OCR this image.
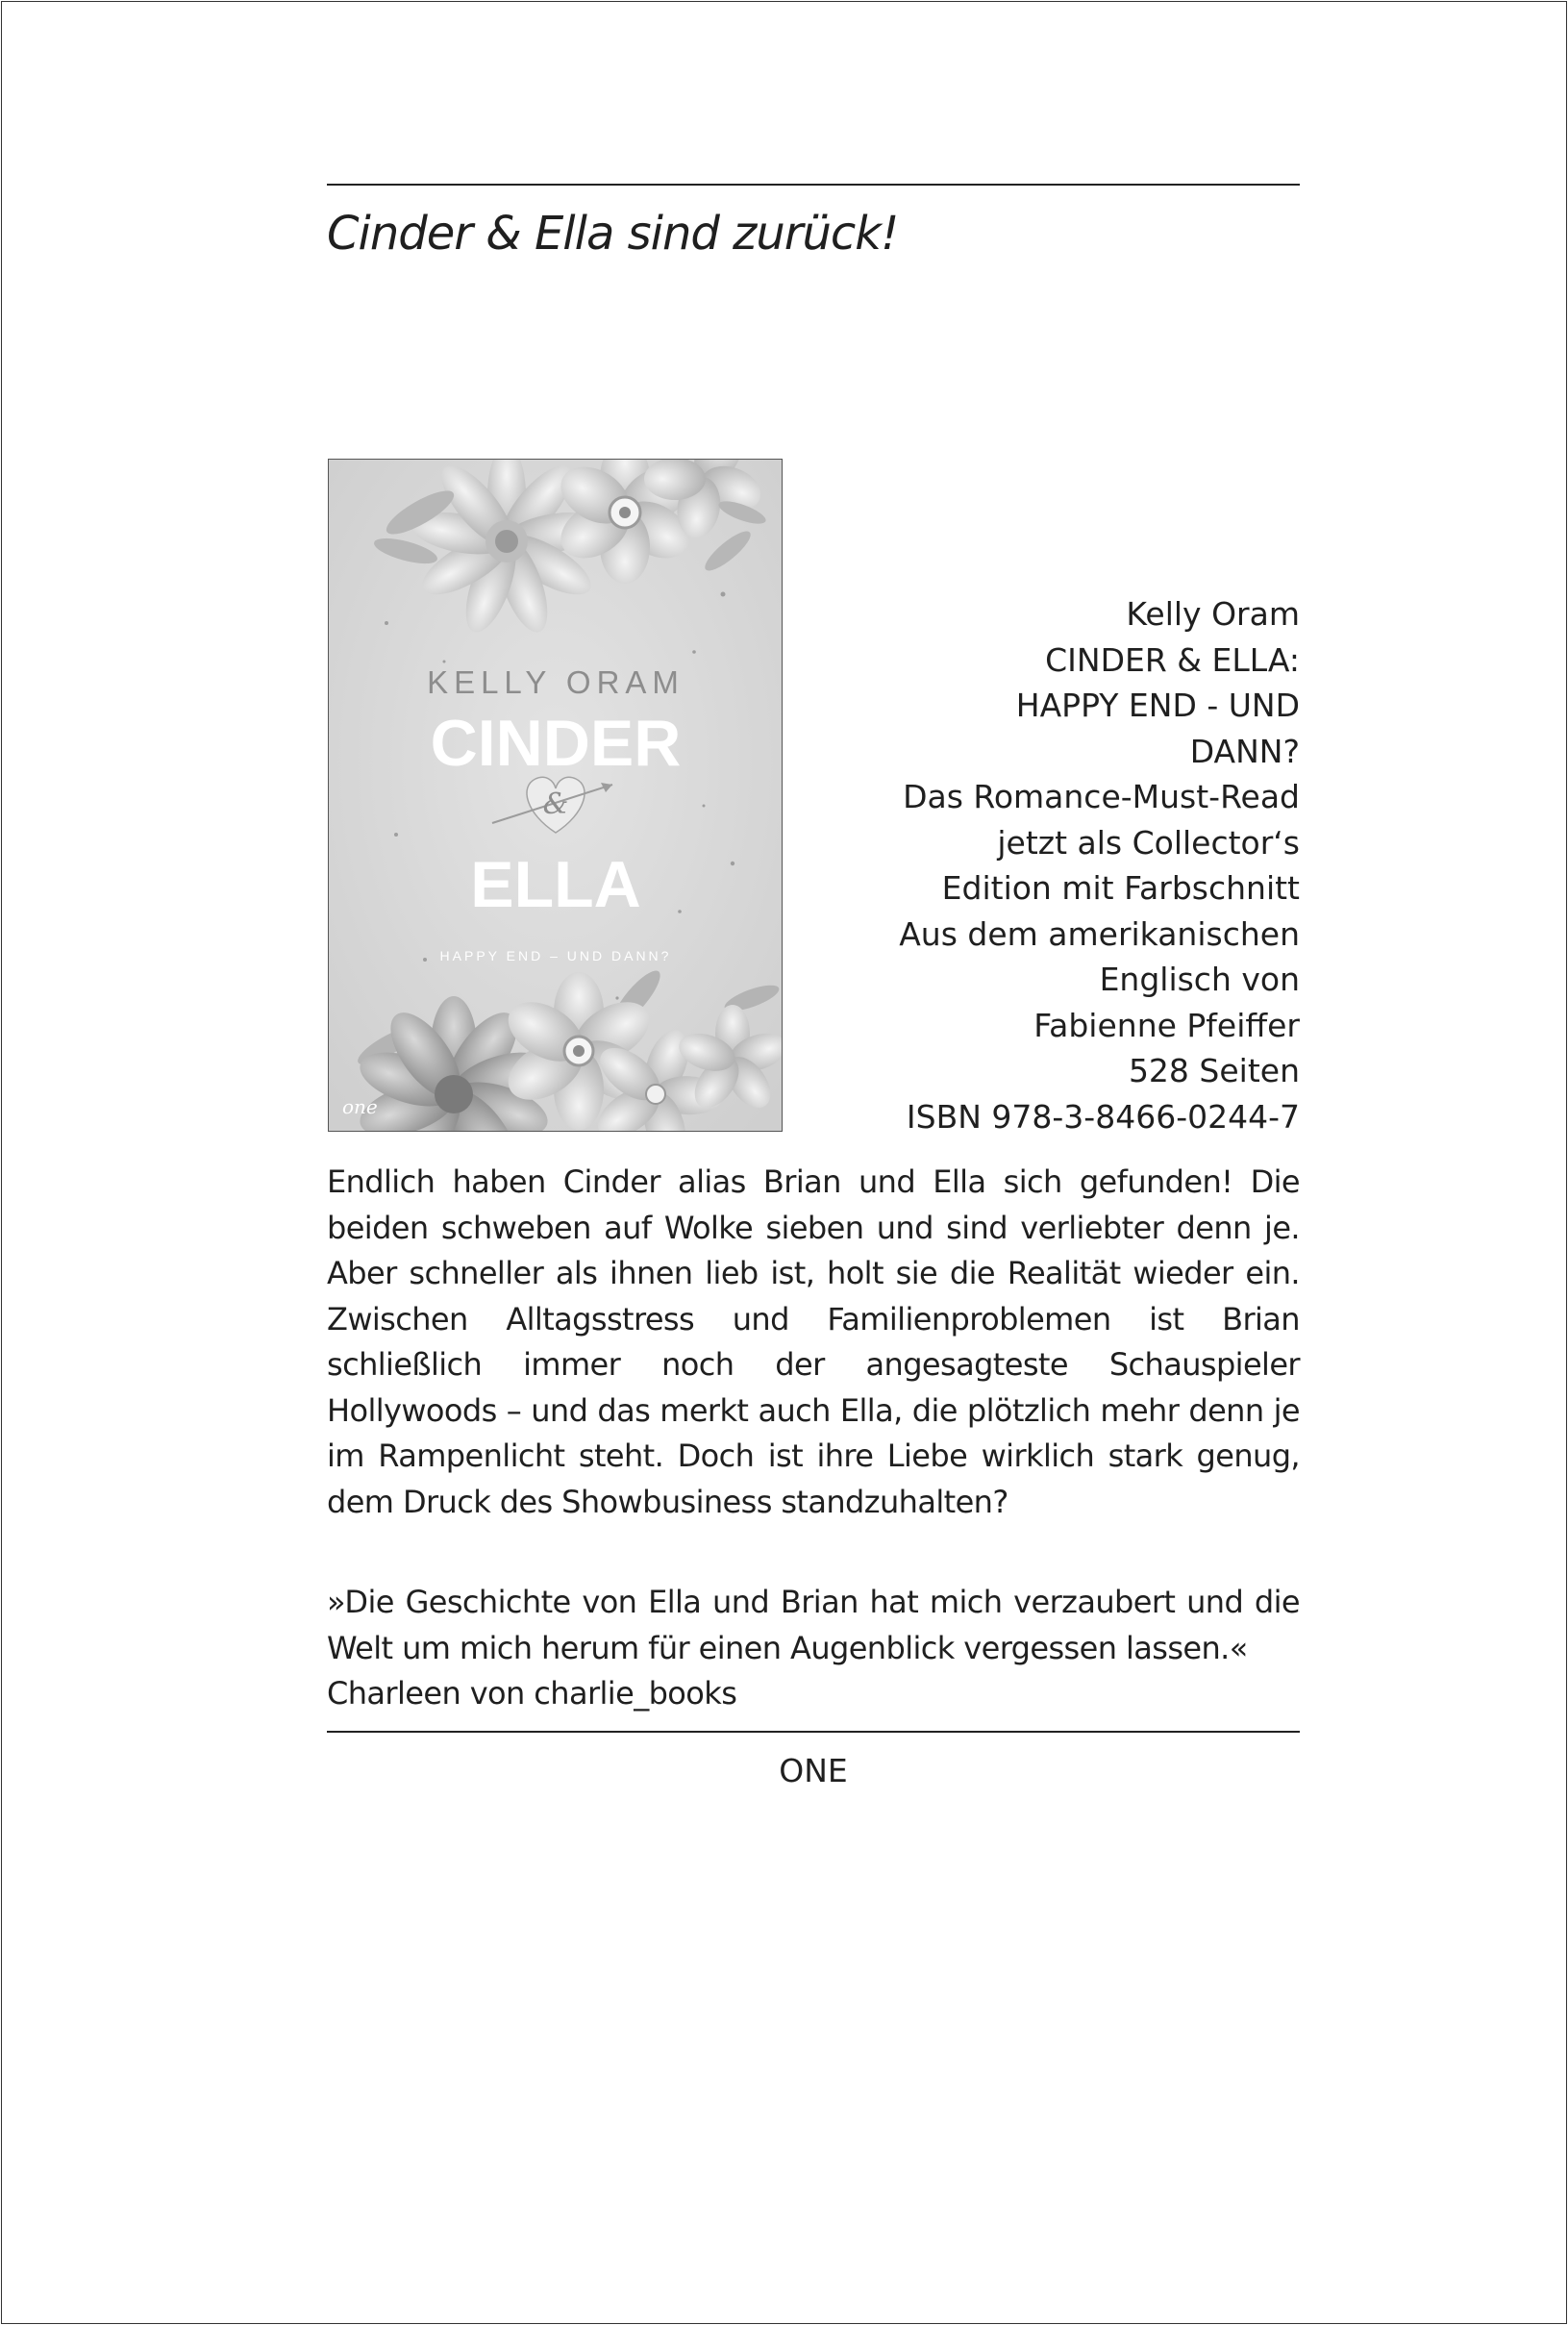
Cinder & Ella sind zurück!
KELLY ORAM
CINDER
&
ELLA
HAPPY END – UND DANN?
one
Kelly Oram
CINDER & ELLA:
HAPPY END - UND
DANN?
Das Romance-Must-Read
jetzt als Collector‘s
Edition mit Farbschnitt
Aus dem amerikanischen
Englisch von
Fabienne Pfeiffer
528 Seiten
ISBN 978-3-8466-0244-7
Endlich haben Cinder alias Brian und Ella sich gefunden! Die beiden schweben auf Wolke sieben und sind verliebter denn je. Aber schneller als ihnen lieb ist, holt sie die Realität wieder ein. Zwischen Alltagsstress und Familienproblemen ist Brian schließlich immer noch der angesagteste Schauspieler Hollywoods – und das merkt auch Ella, die plötzlich mehr denn je im Rampenlicht steht. Doch ist ihre Liebe wirklich stark genug, dem Druck des Showbusiness standzuhalten?
»Die Geschichte von Ella und Brian hat mich verzaubert und die
Welt um mich herum für einen Augenblick vergessen lassen.«
Charleen von charlie_books
ONE
